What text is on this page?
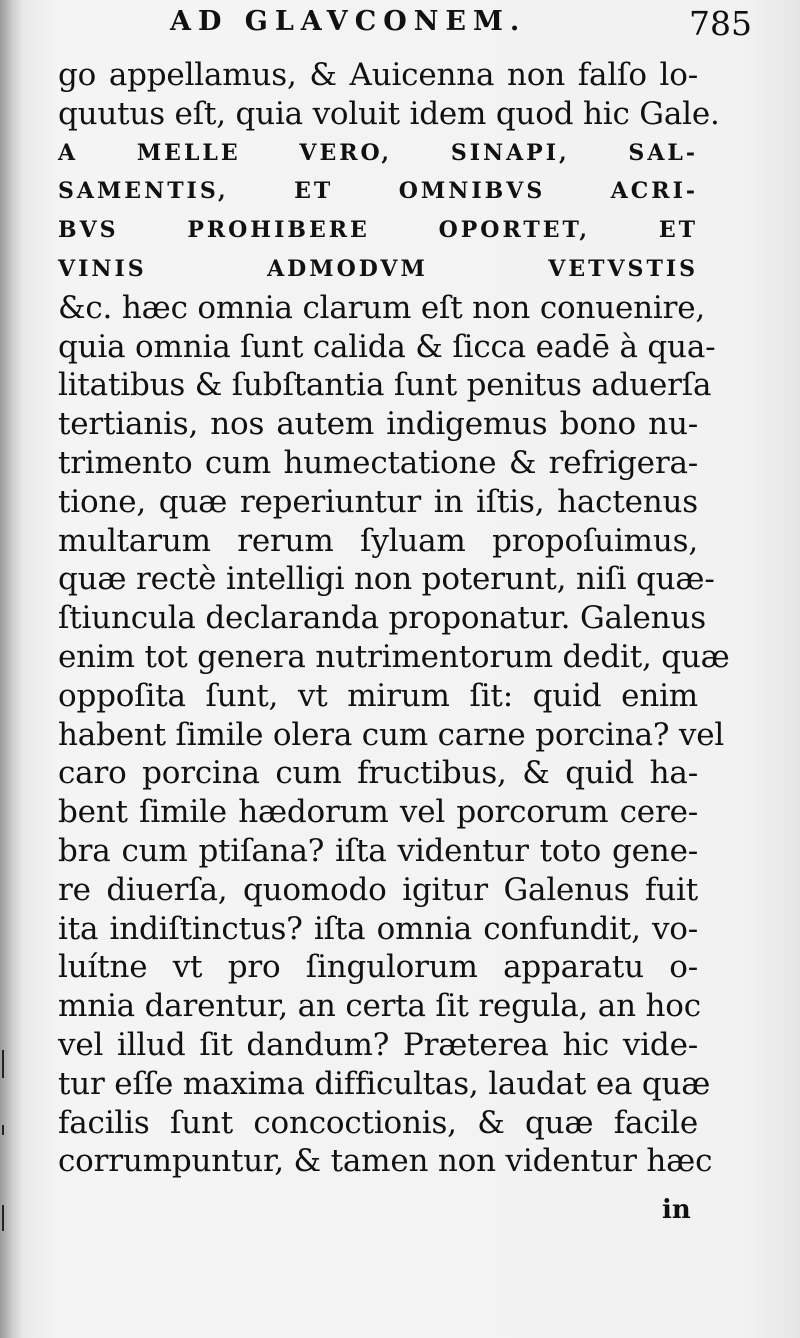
AD GLAVCONEM.	785
go appellamus, & Auicenna non falſo lo-
quutus eſt, quia voluit idem quod hic Gale.
A MELLE VERO, SINAPI, SAL-
SAMENTIS, ET OMNIBVS ACRI-
BVS PROHIBERE OPORTET, ET
VINIS ADMODVM VETVSTIS
&c. hæc omnia clarum eſt non conuenire,
quia omnia ſunt calida & ſicca eadē à qua-
litatibus & ſubſtantia ſunt penitus aduerſa
tertianis, nos autem indigemus bono nu-
trimento cum humectatione & refrigera-
tione, quæ reperiuntur in iſtis, hactenus
multarum rerum ſyluam propoſuimus,
quæ rectè intelligi non poterunt, niſi quæ-
ſtiuncula declaranda proponatur. Galenus
enim tot genera nutrimentorum dedit, quæ
oppoſita ſunt, vt mirum ſit: quid enim
habent ſimile olera cum carne porcina? vel
caro porcina cum fructibus, & quid ha-
bent ſimile hædorum vel porcorum cere-
bra cum ptiſana? iſta videntur toto gene-
re diuerſa, quomodo igitur Galenus fuit
ita indiſtinctus? iſta omnia confundit, vo-
luítne vt pro ſingulorum apparatu o-
mnia darentur, an certa ſit regula, an hoc
vel illud ſit dandum? Præterea hic vide-
tur eſſe maxima difficultas, laudat ea quæ
facilis ſunt concoctionis, & quæ facile
corrumpuntur, & tamen non videntur hæc
in
